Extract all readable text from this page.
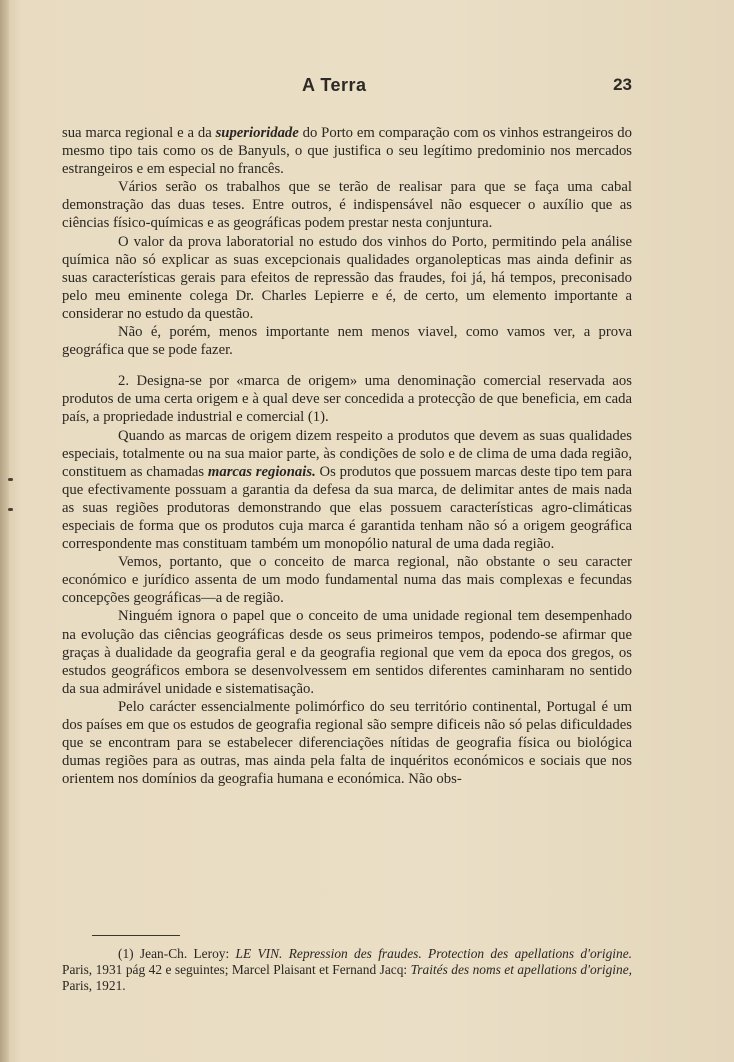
A Terra	23

sua marca regional e a da superioridade do Porto em comparação com os vinhos estrangeiros do mesmo tipo tais como os de Banyuls, o que justifica o seu legítimo predominio nos mercados estrangeiros e em especial no francês.

Vários serão os trabalhos que se terão de realisar para que se faça uma cabal demonstração das duas teses. Entre outros, é indispensável não esquecer o auxílio que as ciências físico-químicas e as geográficas podem prestar nesta conjuntura.

O valor da prova laboratorial no estudo dos vinhos do Porto, permitindo pela análise química não só explicar as suas excepcionais qualidades organolepticas mas ainda definir as suas características gerais para efeitos de repressão das fraudes, foi já, há tempos, preconisado pelo meu eminente colega Dr. Charles Lepierre e é, de certo, um elemento importante a considerar no estudo da questão.

Não é, porém, menos importante nem menos viavel, como vamos ver, a prova geográfica que se pode fazer.

2. Designa-se por «marca de origem» uma denominação comercial reservada aos produtos de uma certa origem e à qual deve ser concedida a protecção de que beneficia, em cada país, a propriedade industrial e comercial (1).

Quando as marcas de origem dizem respeito a produtos que devem as suas qualidades especiais, totalmente ou na sua maior parte, às condições de solo e de clima de uma dada região, constituem as chamadas marcas regionais. Os produtos que possuem marcas deste tipo tem para que efectivamente possuam a garantia da defesa da sua marca, de delimitar antes de mais nada as suas regiões produtoras demonstrando que elas possuem características agro-climáticas especiais de forma que os produtos cuja marca é garantida tenham não só a origem geográfica correspondente mas constituam também um monopólio natural de uma dada região.

Vemos, portanto, que o conceito de marca regional, não obstante o seu caracter económico e jurídico assenta de um modo fundamental numa das mais complexas e fecundas concepções geográficas—a de região.

Ninguém ignora o papel que o conceito de uma unidade regional tem desempenhado na evolução das ciências geográficas desde os seus primeiros tempos, podendo-se afirmar que graças à dualidade da geografia geral e da geografia regional que vem da epoca dos gregos, os estudos geográficos embora se desenvolvessem em sentidos diferentes caminharam no sentido da sua admirável unidade e sistematisação.

Pelo carácter essencialmente polimórfico do seu território continental, Portugal é um dos países em que os estudos de geografia regional são sempre dificeis não só pelas dificuldades que se encontram para se estabelecer diferenciações nítidas de geografia física ou biológica dumas regiões para as outras, mas ainda pela falta de inquéritos económicos e sociais que nos orientem nos domínios da geografia humana e económica. Não obs-

(1) Jean-Ch. Leroy: LE VIN. Repression des fraudes. Protection des apellations d'origine. Paris, 1931 pág 42 e seguintes; Marcel Plaisant et Fernand Jacq: Traités des noms et apellations d'origine, Paris, 1921.
